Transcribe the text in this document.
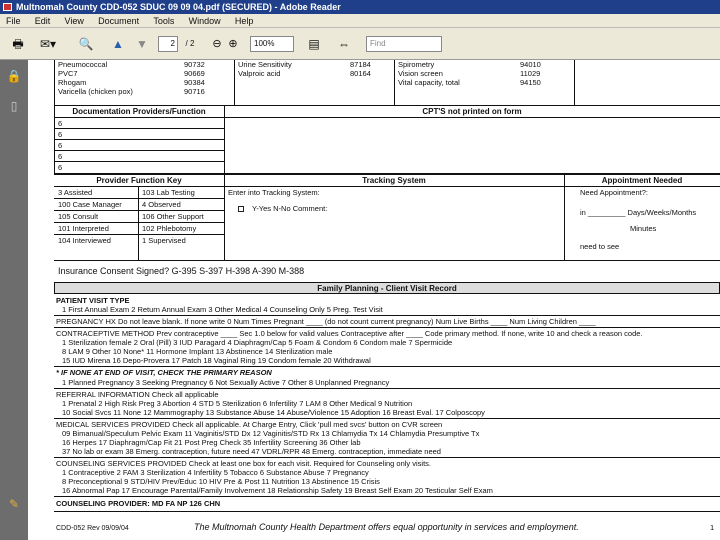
Multnomah County CDD-052 SDUC 09 09 04.pdf (SECURED) - Adobe Reader
File Edit View Document Tools Window Help
🖶	✉▾	🔍 ▲ ▼	2	/ 2	⊖ ⊕	100%	▤	⇔	Find
🔒
▯
✎
Pneumococcal	90732
PVC7	90669
Rhogam	90384
Varicella (chicken pox)	90716
Urine Sensitivity	87184
Valproic acid	80164
Spirometry	94010
Vision screen	11029
Vital capacity, total	94150
Documentation Providers/Function	CPT'S not printed on form
6
6
6
6
6
Provider Function Key	Tracking System	Appointment Needed
3 Assisted	103 Lab Testing
100 Case Manager	4 Observed
105 Consult	106 Other Support
101 Interpreted	102 Phlebotomy
104 Interviewed	1 Supervised
Enter into Tracking System:
Y-Yes N-No Comment:
Need Appointment?:
in _________ Days/Weeks/Months
Minutes
need to see
Insurance Consent Signed? G-395 S-397 H-398 A-390 M-388
Family Planning - Client Visit Record
PATIENT VISIT TYPE
1 First Annual Exam 2 Return Annual Exam 3 Other Medical 4 Counseling Only 5 Preg. Test Visit
PREGNANCY HX Do not leave blank. If none write 0 Num Times Pregnant ____ (do not count current pregnancy) Num Live Births ____ Num Living Children ____
CONTRACEPTIVE METHOD Prev contraceptive ____ Sec 1.0 below for valid values Contraceptive after ____ Code primary method. If none, write 10 and check a reason code.
1 Sterilization female 2 Oral (Pill) 3 IUD Paragard 4 Diaphragm/Cap 5 Foam & Condom 6 Condom male 7 Spermicide
8 LAM 9 Other 10 None* 11 Hormone Implant 13 Abstinence 14 Sterilization male
15 IUD Mirena 16 Depo-Provera 17 Patch 18 Vaginal Ring 19 Condom female 20 Withdrawal
* IF NONE AT END OF VISIT, CHECK THE PRIMARY REASON
1 Planned Pregnancy 3 Seeking Pregnancy 6 Not Sexually Active 7 Other 8 Unplanned Pregnancy
REFERRAL INFORMATION Check all applicable
1 Prenatal 2 High Risk Preg 3 Abortion 4 STD 5 Sterilization 6 Infertility 7 LAM 8 Other Medical 9 Nutrition
10 Social Svcs 11 None 12 Mammography 13 Substance Abuse 14 Abuse/Violence 15 Adoption 16 Breast Eval. 17 Colposcopy
MEDICAL SERVICES PROVIDED Check all applicable. At Charge Entry, Click 'pull med svcs' button on CVR screen
09 Bimanual/Speculum Pelvic Exam 11 Vaginitis/STD Dx 12 Vaginitis/STD Rx 13 Chlamydia Tx 14 Chlamydia Presumptive Tx
16 Herpes 17 Diaphragm/Cap Fit 21 Post Preg Check 35 Infertility Screening 36 Other lab
37 No lab or exam 38 Emerg. contraception, future need 47 VDRL/RPR 48 Emerg. contraception, immediate need
COUNSELING SERVICES PROVIDED Check at least one box for each visit. Required for Counseling only visits.
1 Contraceptive 2 FAM 3 Sterilization 4 Infertility 5 Tobacco 6 Substance Abuse 7 Pregnancy
8 Preconceptional 9 STD/HIV Prev/Educ 10 HIV Pre & Post 11 Nutrition 13 Abstinence 15 Crisis
16 Abnormal Pap 17 Encourage Parental/Family Involvement 18 Relationship Safety 19 Breast Self Exam 20 Testicular Self Exam
COUNSELING PROVIDER: MD FA NP 126 CHN
CDD-052 Rev 09/09/04	The Multnomah County Health Department offers equal opportunity in services and employment.	1
